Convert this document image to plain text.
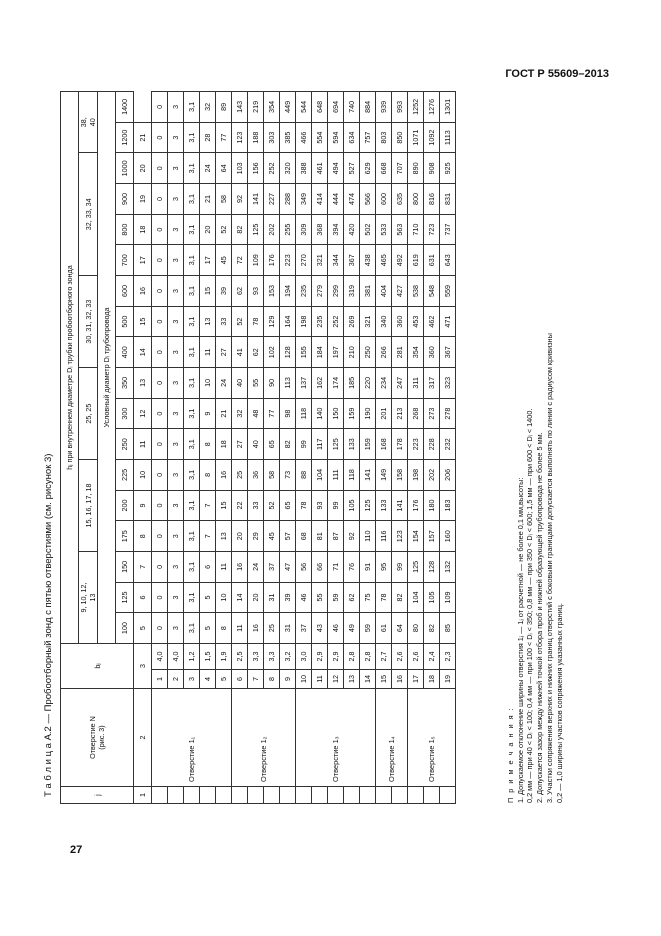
ГОСТ Р 55609–2013
Т а б л и ц а А.2 — Пробоотборный зонд с пятью отверстиями (см. рисунок 3)	j	Отверстие N
(рис. 3)	bⱼ		hⱼ при внутреннем диаметре Dᵢ трубки пробоотборного зонда																	
				9, 10, 12,
13			15, 16, 17, 18			25, 25			30, 31, 32, 33			32, 33, 34				38,
40	
				Условный диаметр Dᵢ трубопровода																	
				100	125	150	175	200	225	250	300	350	400	500	600	700	800	900	1000	1200	1400
1	2	3		5	6	7	8	9	10	11	12	13	14	15	16	17	18	19	20	21	
	Отверстие 1₁	1	4,0	0	0	0	0	0	0	0	0	0	0	0	0	0	0	0	0	0	0
		2	4,0	3	3	3	3	3	3	3	3	3	3	3	3	3	3	3	3	3	3
		3	1,2	3,1	3,1	3,1	3,1	3,1	3,1	3,1	3,1	3,1	3,1	3,1	3,1	3,1	3,1	3,1	3,1	3,1	3,1
		4	1,5	5	5	6	7	7	8	8	9	10	11	13	15	17	20	21	24	28	32
		5	1,9	8	10	11	13	15	16	18	21	24	27	33	39	45	52	58	64	77	89
	Отверстие 1₂	6	2,5	11	14	16	20	22	25	27	32	40	41	52	62	72	82	92	103	123	143
		7	3,3	16	20	24	29	33	36	40	48	55	62	78	93	109	125	141	156	188	219
		8	3,3	25	31	37	45	52	58	65	77	90	102	129	153	176	202	227	252	303	354
		9	3,2	31	39	47	57	65	73	82	98	113	128	164	194	223	255	288	320	385	449
	Отверстие 1₃	10	3,0	37	46	56	68	78	88	99	118	137	155	198	235	270	309	349	388	466	544
		11	2,9	43	55	66	81	93	104	117	140	162	184	235	279	321	368	414	461	554	648
		12	2,9	46	59	71	87	99	111	125	150	174	197	252	299	344	394	444	494	594	694
		13	2,8	49	62	76	92	105	118	133	159	185	210	269	319	367	420	474	527	634	740
		14	2,8	59	75	91	110	125	141	159	190	220	250	321	381	438	502	566	629	757	884
	Отверстие 1₄	15	2,7	61	78	95	116	133	149	168	201	234	266	340	404	465	533	600	668	803	939
		16	2,6	64	82	99	123	141	158	178	213	247	281	360	427	492	563	635	707	850	993
	Отверстие 1₅	17	2,6	80	104	125	154	176	198	223	268	311	354	453	538	619	710	800	890	1071	1252
		18	2,4	82	105	128	157	180	202	228	273	317	360	462	548	631	723	816	908	1092	1276
		19	2,3	85	109	132	160	183	206	232	278	323	367	471	559	643	737	831	925	1113	1301
П р и м е ч а н и я : 1. Допускаемое отклонение ширины отверстия 1ⱼ — 1ⱼ от расчетной — не более 0,1 мм,высоты: 0,2 мм — при 40 < Dᵢ < 100; 0,4 мм — при 100 < Dᵢ < 350; 0,8 мм — при 350 < Dᵢ < 600; 1,5 мм — при 600 < Dᵢ < 1400. 2. Допускается зазор между нижней точкой отбора проб и нижней образующей трубопровода не более 5 мм. 3. Участки сопряжения верхних и нижних границ отверстий с боковыми границами допускается выполнять по линии с радиусом кривизны 0,2 — 1,0 ширины участков сопряжения указанных границ.
27
